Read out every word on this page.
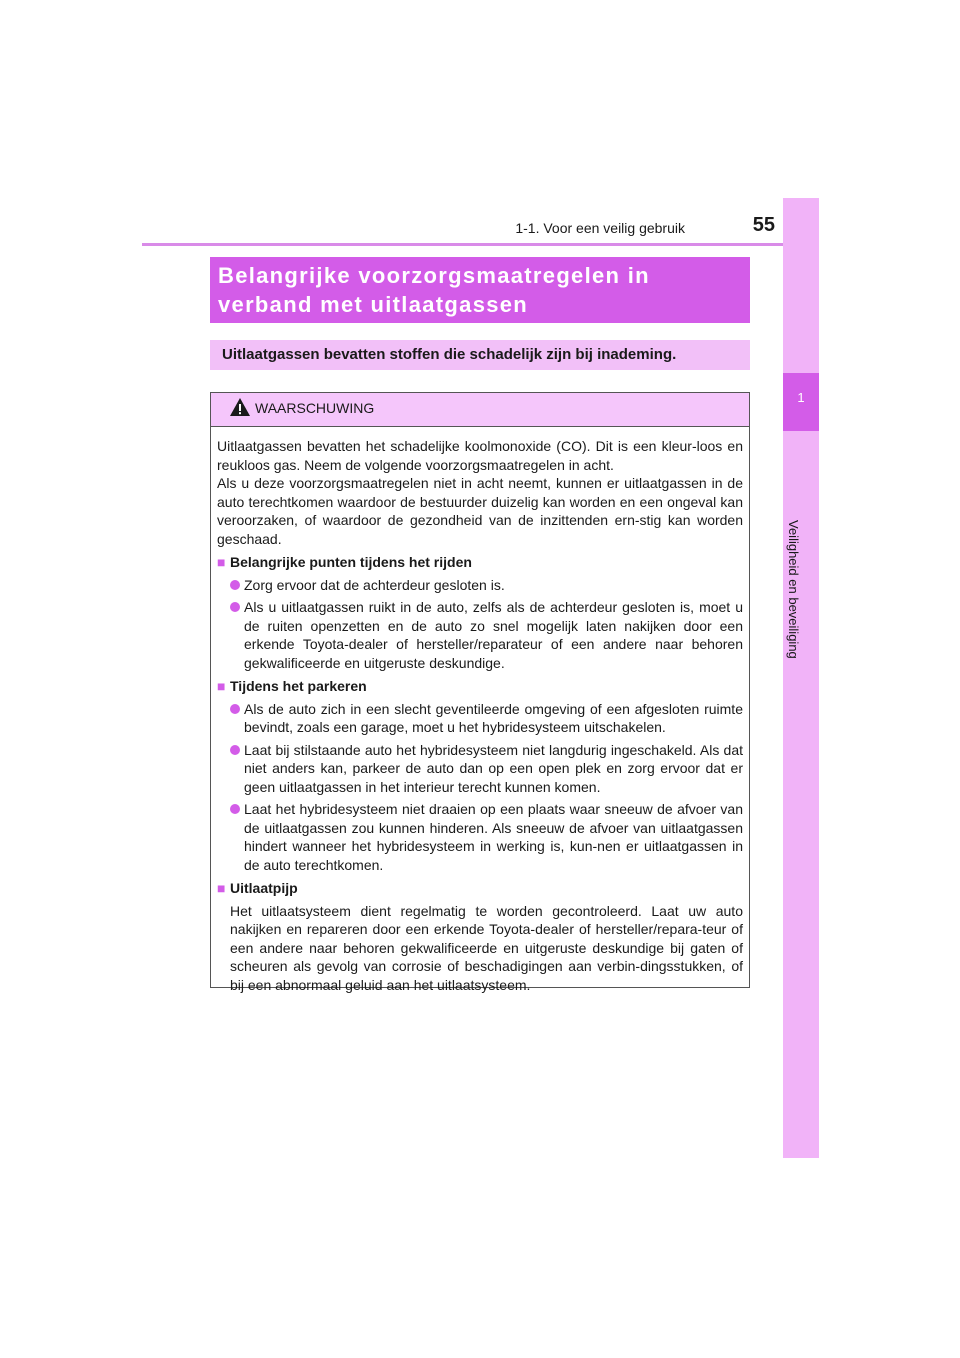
1-1. Voor een veilig gebruik	55
1
Veiligheid en beveiliging
Belangrijke voorzorgsmaatregelen in
verband met uitlaatgassen
Uitlaatgassen bevatten stoffen die schadelijk zijn bij inademing.
WAARSCHUWING

Uitlaatgassen bevatten het schadelijke koolmonoxide (CO). Dit is een kleur-loos en reukloos gas. Neem de volgende voorzorgsmaatregelen in acht.

Als u deze voorzorgsmaatregelen niet in acht neemt, kunnen er uitlaatgassen in de auto terechtkomen waardoor de bestuurder duizelig kan worden en een ongeval kan veroorzaken, of waardoor de gezondheid van de inzittenden ern-stig kan worden geschaad.

■ Belangrijke punten tijdens het rijden
Zorg ervoor dat de achterdeur gesloten is.
Als u uitlaatgassen ruikt in de auto, zelfs als de achterdeur gesloten is, moet u de ruiten openzetten en de auto zo snel mogelijk laten nakijken door een erkende Toyota-dealer of hersteller/reparateur of een andere naar behoren gekwalificeerde en uitgeruste deskundige.
■ Tijdens het parkeren
Als de auto zich in een slecht geventileerde omgeving of een afgesloten ruimte bevindt, zoals een garage, moet u het hybridesysteem uitschakelen.
Laat bij stilstaande auto het hybridesysteem niet langdurig ingeschakeld. Als dat niet anders kan, parkeer de auto dan op een open plek en zorg ervoor dat er geen uitlaatgassen in het interieur terecht kunnen komen.
Laat het hybridesysteem niet draaien op een plaats waar sneeuw de afvoer van de uitlaatgassen zou kunnen hinderen. Als sneeuw de afvoer van uitlaatgassen hindert wanneer het hybridesysteem in werking is, kun-nen er uitlaatgassen in de auto terechtkomen.
■ Uitlaatpijp
Het uitlaatsysteem dient regelmatig te worden gecontroleerd. Laat uw auto nakijken en repareren door een erkende Toyota-dealer of hersteller/repara-teur of een andere naar behoren gekwalificeerde en uitgeruste deskundige bij gaten of scheuren als gevolg van corrosie of beschadigingen aan verbin-dingsstukken, of bij een abnormaal geluid aan het uitlaatsysteem.
